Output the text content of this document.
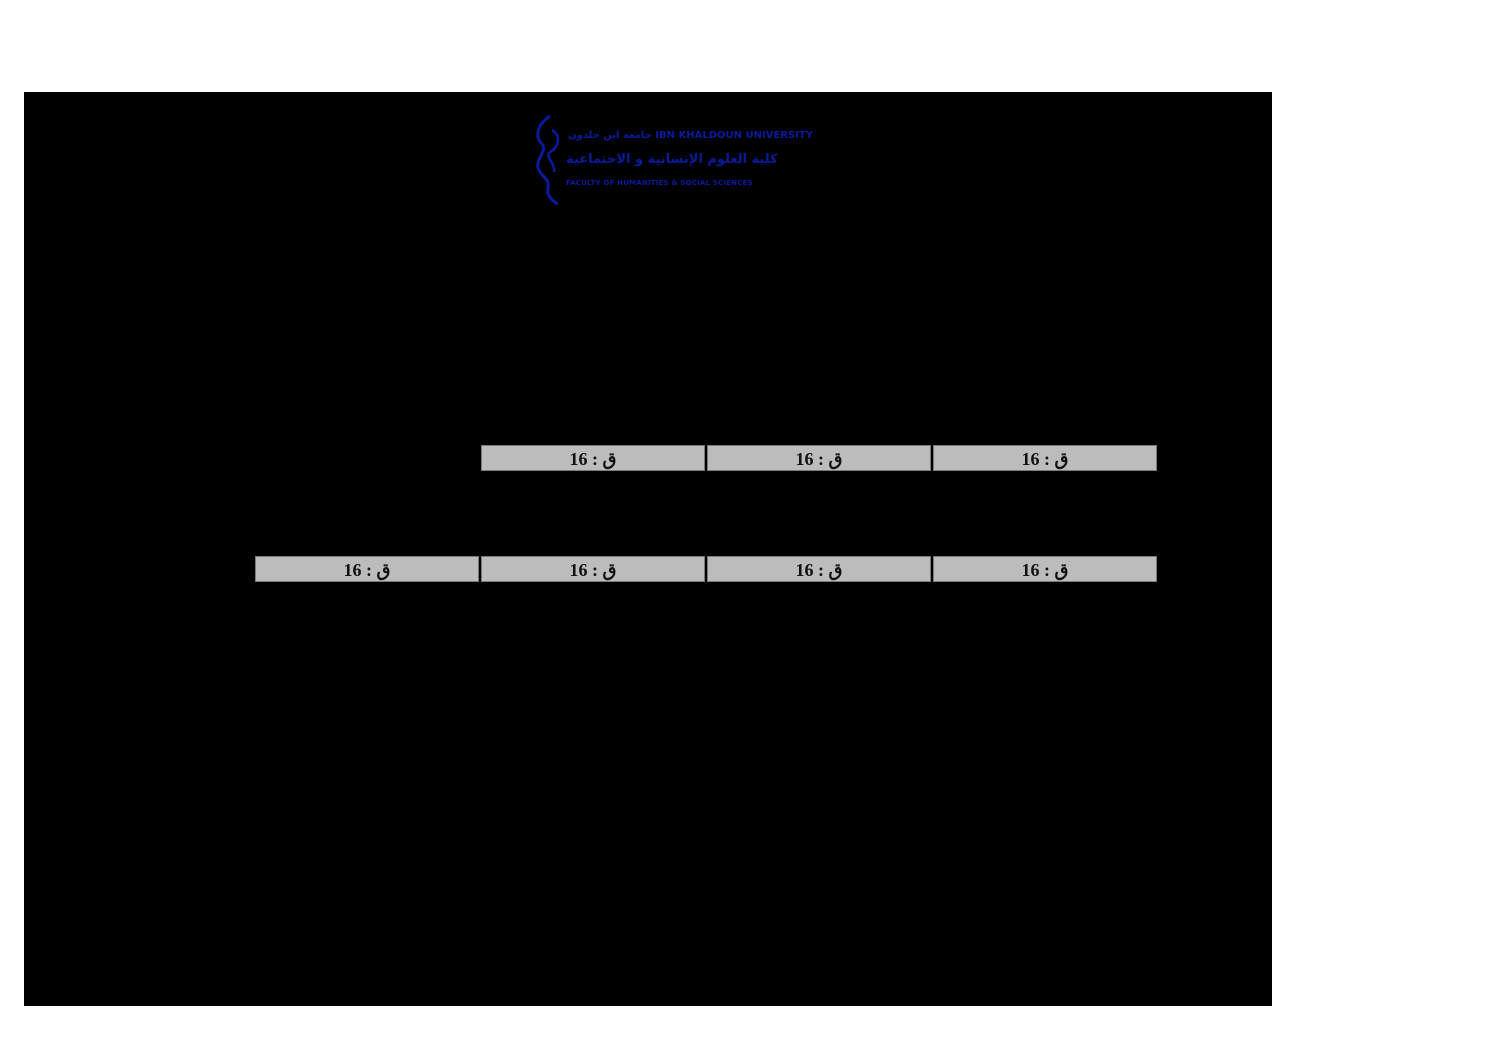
جامعة ابن خلدون IBN KHALDOUN UNIVERSITY
كلية العلوم الإنسانية و الاجتماعية
FACULTY OF HUMANITIES & SOCIAL SCIENCES
ق : 16
ق : 16
ق : 16
ق : 16
ق : 16
ق : 16
ق : 16
